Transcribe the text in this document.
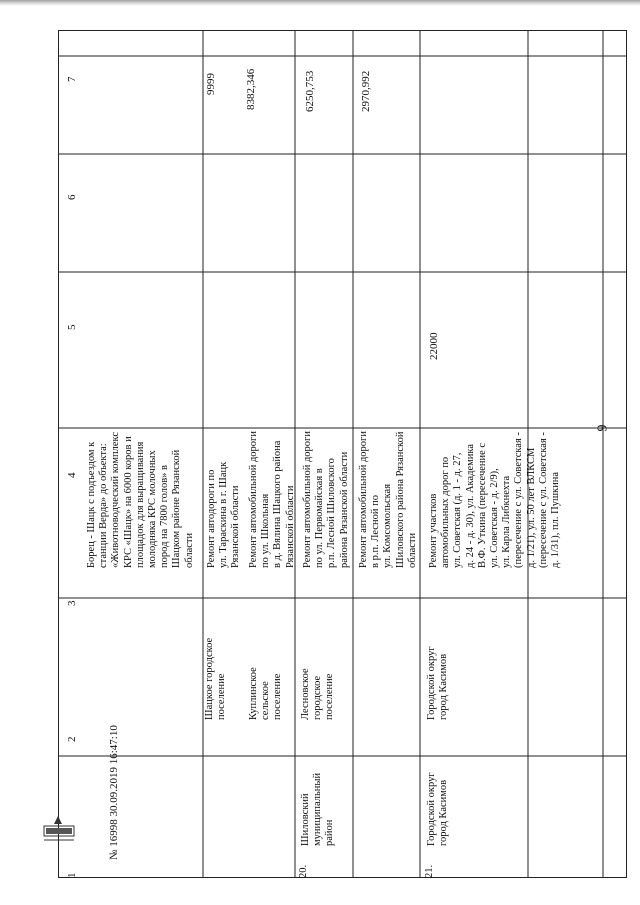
9
1
2
3
4
5
6
7
Борец - Шацк с подъездом к
станции Верда» до объекта:
«Животноводческий комплекс
КРС «Шацк» на 6000 коров и
площадок для выращивания
молодняка КРС молочных
пород на 7800 голов» в
Шацком районе Рязанской
области
9999
Шацкое городское
поселение
Ремонт автодороги по
ул. Тараскина в г. Шацк
Рязанской области
8382,346
Куплинское
сельское
поселение
Ремонт автомобильной дороги
по ул. Школьная
в д. Вялина Шацкого района
Рязанской области
20.
Шиловский
муниципальный
район
Лесновское
городское
поселение
Ремонт автомобильной дороги
по ул. Первомайская в
р.п. Лесной Шиловского
района Рязанской области
6250,753
Ремонт автомобильной дороги
в р.п. Лесной по
ул. Комсомольская
Шиловского района Рязанской
области
2970,992
21.
Городской округ
город Касимов
Городской округ
город Касимов
Ремонт участков
автомобильных дорог по
ул. Советская (д. 1 - д. 27,
д. 24 - д. 30), ул. Академика
В.Ф. Уткина (пересечение с
ул. Советская - д. 2/9),
ул. Карла Либкнехта
(пересечение с ул. Советская -
д. 1/21), ул. 50 лет ВЛКСМ
(пересечение с ул. Советская -
д. 1/31), пл. Пушкина
22000
№ 16998 30.09.2019 16:47:10
